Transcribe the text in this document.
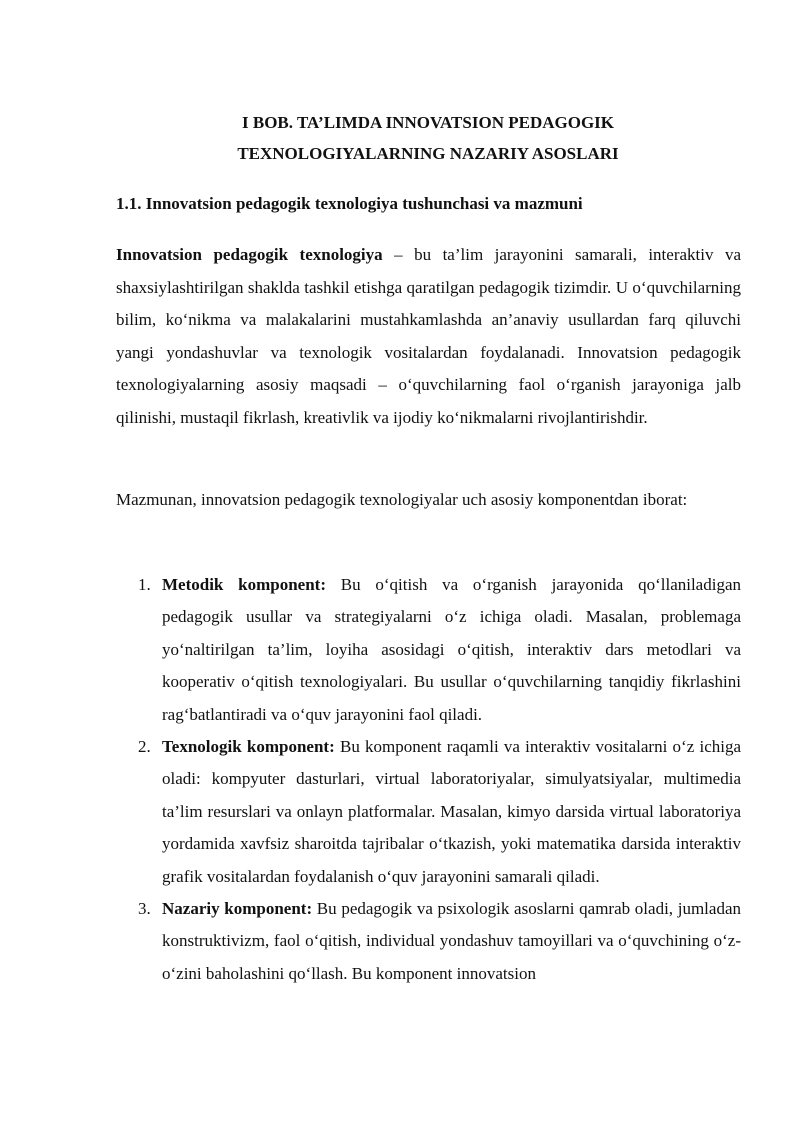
I BOB. TA’LIMDA INNOVATSION PEDAGOGIK
TEXNOLOGIYALARNING NAZARIY ASOSLARI
1.1. Innovatsion pedagogik texnologiya tushunchasi va mazmuni

Innovatsion pedagogik texnologiya – bu ta’lim jarayonini samarali, interaktiv va shaxsiylashtirilgan shaklda tashkil etishga qaratilgan pedagogik tizimdir. U o‘quvchilarning bilim, ko‘nikma va malakalarini mustahkamlashda an’anaviy usullardan farq qiluvchi yangi yondashuvlar va texnologik vositalardan foydalanadi. Innovatsion pedagogik texnologiyalarning asosiy maqsadi – o‘quvchilarning faol o‘rganish jarayoniga jalb qilinishi, mustaqil fikrlash, kreativlik va ijodiy ko‘nikmalarni rivojlantirishdir.

Mazmunan, innovatsion pedagogik texnologiyalar uch asosiy komponentdan iborat:

1. Metodik komponent: Bu o‘qitish va o‘rganish jarayonida qo‘llaniladigan pedagogik usullar va strategiyalarni o‘z ichiga oladi. Masalan, problemaga yo‘naltirilgan ta’lim, loyiha asosidagi o‘qitish, interaktiv dars metodlari va kooperativ o‘qitish texnologiyalari. Bu usullar o‘quvchilarning tanqidiy fikrlashini rag‘batlantiradi va o‘quv jarayonini faol qiladi.
2. Texnologik komponent: Bu komponent raqamli va interaktiv vositalarni o‘z ichiga oladi: kompyuter dasturlari, virtual laboratoriyalar, simulyatsiyalar, multimedia ta’lim resurslari va onlayn platformalar. Masalan, kimyo darsida virtual laboratoriya yordamida xavfsiz sharoitda tajribalar o‘tkazish, yoki matematika darsida interaktiv grafik vositalardan foydalanish o‘quv jarayonini samarali qiladi.
3. Nazariy komponent: Bu pedagogik va psixologik asoslarni qamrab oladi, jumladan konstruktivizm, faol o‘qitish, individual yondashuv tamoyillari va o‘quvchining o‘z-o‘zini baholashini qo‘llash. Bu komponent innovatsion
